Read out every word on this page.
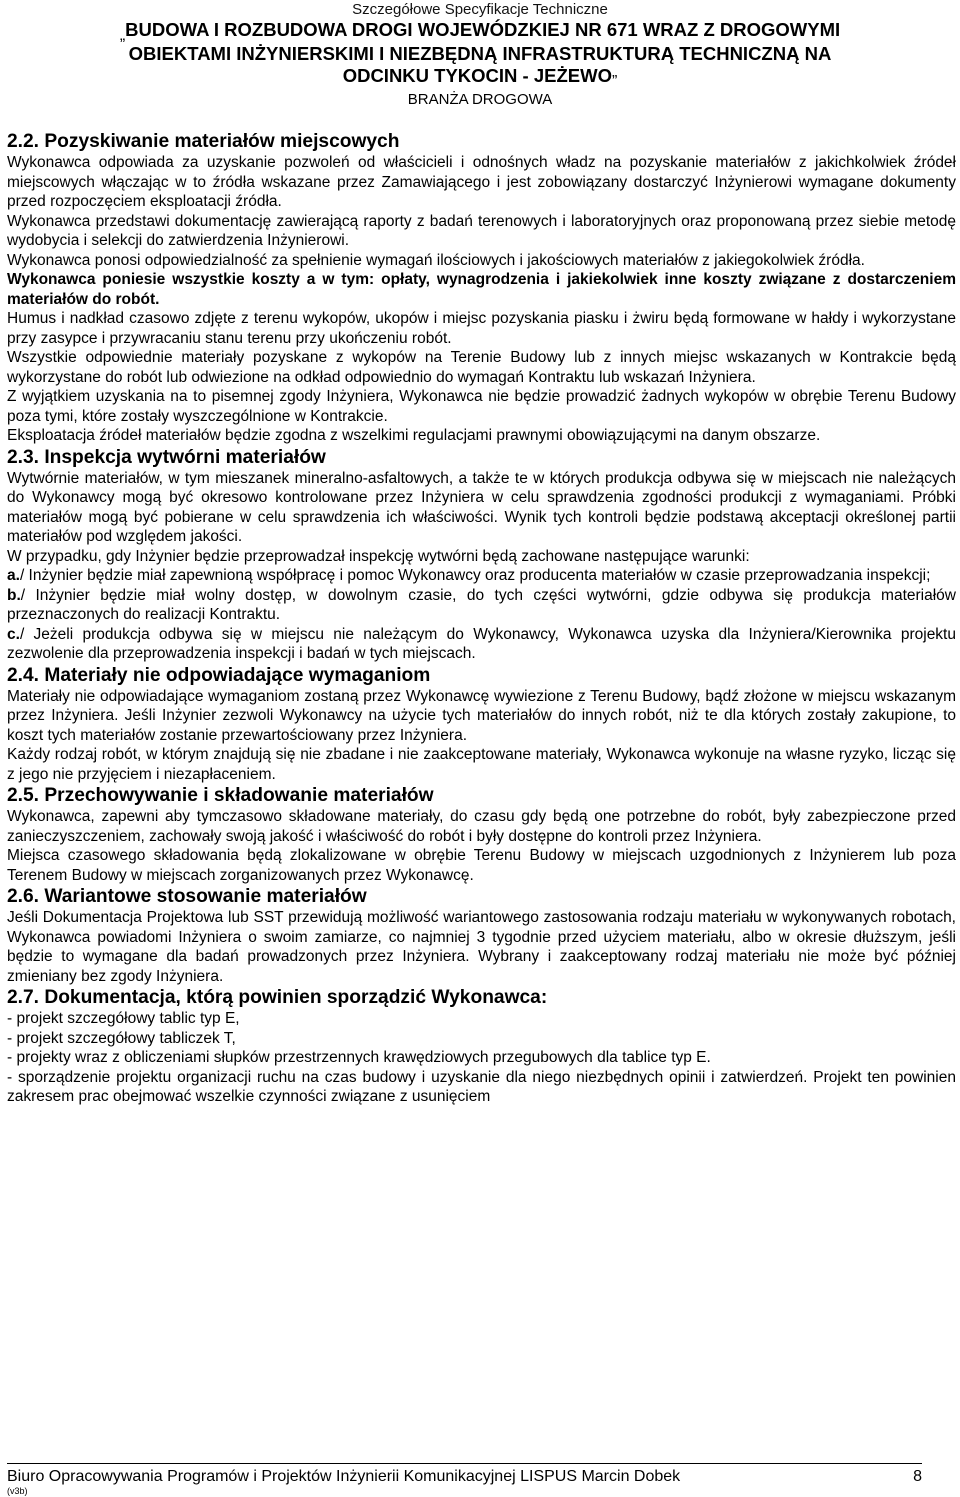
Szczegółowe Specyfikacje Techniczne
„BUDOWA I ROZBUDOWA DROGI WOJEWÓDZKIEJ NR 671 WRAZ Z DROGOWYMI
OBIEKTAMI INŻYNIERSKIMI I NIEZBĘDNĄ INFRASTRUKTURĄ TECHNICZNĄ NA
ODCINKU TYKOCIN - JEŻEWO”
BRANŻA DROGOWA
2.2. Pozyskiwanie materiałów miejscowych

Wykonawca odpowiada za uzyskanie pozwoleń od właścicieli i odnośnych władz na pozyskanie materiałów z jakichkolwiek źródeł miejscowych włączając w to źródła wskazane przez Zamawiającego i jest zobowiązany dostarczyć Inżynierowi wymagane dokumenty przed rozpoczęciem eksploatacji źródła.

Wykonawca przedstawi dokumentację zawierającą raporty z badań terenowych i laboratoryjnych oraz proponowaną przez siebie metodę wydobycia i selekcji do zatwierdzenia Inżynierowi.

Wykonawca ponosi odpowiedzialność za spełnienie wymagań ilościowych i jakościowych materiałów z jakiegokolwiek źródła.

Wykonawca poniesie wszystkie koszty a w tym: opłaty, wynagrodzenia i jakiekolwiek inne koszty związane z dostarczeniem materiałów do robót.

Humus i nadkład czasowo zdjęte z terenu wykopów, ukopów i miejsc pozyskania piasku i żwiru będą formowane w hałdy i wykorzystane przy zasypce i przywracaniu stanu terenu przy ukończeniu robót.

Wszystkie odpowiednie materiały pozyskane z wykopów na Terenie Budowy lub z innych miejsc wskazanych w Kontrakcie będą wykorzystane do robót lub odwiezione na odkład odpowiednio do wymagań Kontraktu lub wskazań Inżyniera.

Z wyjątkiem uzyskania na to pisemnej zgody Inżyniera, Wykonawca nie będzie prowadzić żadnych wykopów w obrębie Terenu Budowy poza tymi, które zostały wyszczególnione w Kontrakcie.

Eksploatacja źródeł materiałów będzie zgodna z wszelkimi regulacjami prawnymi obowiązującymi na danym obszarze.

2.3. Inspekcja wytwórni materiałów

Wytwórnie materiałów, w tym mieszanek mineralno-asfaltowych, a także te w których produkcja odbywa się w miejscach nie należących do Wykonawcy mogą być okresowo kontrolowane przez Inżyniera w celu sprawdzenia zgodności produkcji z wymaganiami. Próbki materiałów mogą być pobierane w celu sprawdzenia ich właściwości. Wynik tych kontroli będzie podstawą akceptacji określonej partii materiałów pod względem jakości.

W przypadku, gdy Inżynier będzie przeprowadzał inspekcję wytwórni będą zachowane następujące warunki:

a./ Inżynier będzie miał zapewnioną współpracę i pomoc Wykonawcy oraz producenta materiałów w czasie przeprowadzania inspekcji;

b./ Inżynier będzie miał wolny dostęp, w dowolnym czasie, do tych części wytwórni, gdzie odbywa się produkcja materiałów przeznaczonych do realizacji Kontraktu.

c./ Jeżeli produkcja odbywa się w miejscu nie należącym do Wykonawcy, Wykonawca uzyska dla Inżyniera/Kierownika projektu zezwolenie dla przeprowadzenia inspekcji i badań w tych miejscach.

2.4. Materiały nie odpowiadające wymaganiom

Materiały nie odpowiadające wymaganiom zostaną przez Wykonawcę wywiezione z Terenu Budowy, bądź złożone w miejscu wskazanym przez Inżyniera. Jeśli Inżynier zezwoli Wykonawcy na użycie tych materiałów do innych robót, niż te dla których zostały zakupione, to koszt tych materiałów zostanie przewartościowany przez Inżyniera.

Każdy rodzaj robót, w którym znajdują się nie zbadane i nie zaakceptowane materiały, Wykonawca wykonuje na własne ryzyko, licząc się z jego nie przyjęciem i niezapłaceniem.

2.5. Przechowywanie i składowanie materiałów

Wykonawca, zapewni aby tymczasowo składowane materiały, do czasu gdy będą one potrzebne do robót, były zabezpieczone przed zanieczyszczeniem, zachowały swoją jakość i właściwość do robót i były dostępne do kontroli przez Inżyniera.

Miejsca czasowego składowania będą zlokalizowane w obrębie Terenu Budowy w miejscach uzgodnionych z Inżynierem lub poza Terenem Budowy w miejscach zorganizowanych przez Wykonawcę.

2.6. Wariantowe stosowanie materiałów

Jeśli Dokumentacja Projektowa lub SST przewidują możliwość wariantowego zastosowania rodzaju materiału w wykonywanych robotach, Wykonawca powiadomi Inżyniera o swoim zamiarze, co najmniej 3 tygodnie przed użyciem materiału, albo w okresie dłuższym, jeśli będzie to wymagane dla badań prowadzonych przez Inżyniera. Wybrany i zaakceptowany rodzaj materiału nie może być później zmieniany bez zgody Inżyniera.

2.7. Dokumentacja, którą powinien sporządzić Wykonawca:

- projekt szczegółowy tablic typ E,

- projekt szczegółowy tabliczek T,

- projekty wraz z obliczeniami słupków przestrzennych krawędziowych przegubowych dla tablice typ E.

- sporządzenie projektu organizacji ruchu na czas budowy i uzyskanie dla niego niezbędnych opinii i zatwierdzeń. Projekt ten powinien zakresem prac obejmować wszelkie czynności związane z usunięciem

Biuro Opracowywania Programów i Projektów Inżynierii Komunikacyjnej LISPUS Marcin Dobek	8
(v3b)
